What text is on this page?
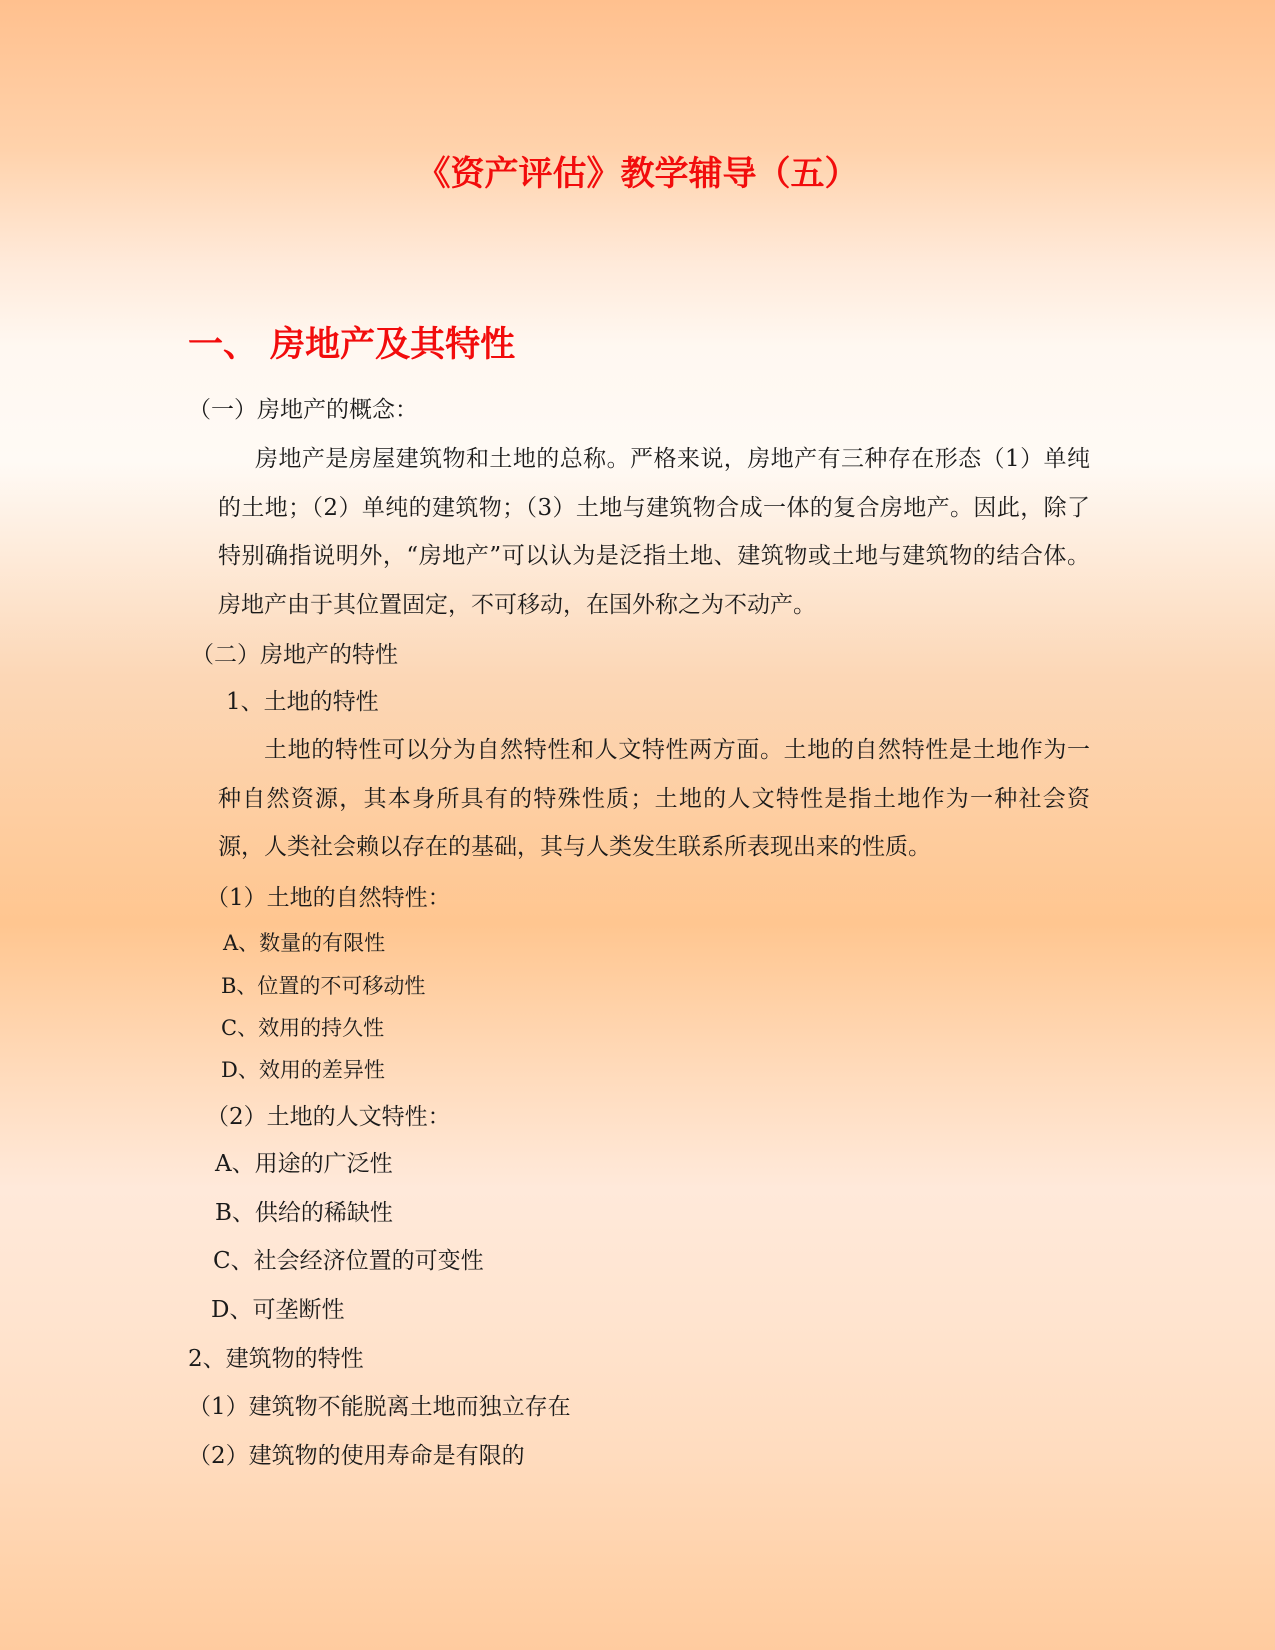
《资产评估》教学辅导（五）
一、 房地产及其特性

（一）房地产的概念：

房地产是房屋建筑物和土地的总称。严格来说，房地产有三种存在形态（1）单纯的土地；（2）单纯的建筑物；（3）土地与建筑物合成一体的复合房地产。因此，除了特别确指说明外，“房地产”可以认为是泛指土地、建筑物或土地与建筑物的结合体。房地产由于其位置固定，不可移动，在国外称之为不动产。

（二）房地产的特性

1、土地的特性

土地的特性可以分为自然特性和人文特性两方面。土地的自然特性是土地作为一种自然资源，其本身所具有的特殊性质；土地的人文特性是指土地作为一种社会资源，人类社会赖以存在的基础，其与人类发生联系所表现出来的性质。

（1）土地的自然特性：

A、数量的有限性

B、位置的不可移动性

C、效用的持久性

D、效用的差异性

（2）土地的人文特性：

A、用途的广泛性

B、供给的稀缺性

C、社会经济位置的可变性

D、可垄断性

2、建筑物的特性

（1）建筑物不能脱离土地而独立存在

（2）建筑物的使用寿命是有限的
